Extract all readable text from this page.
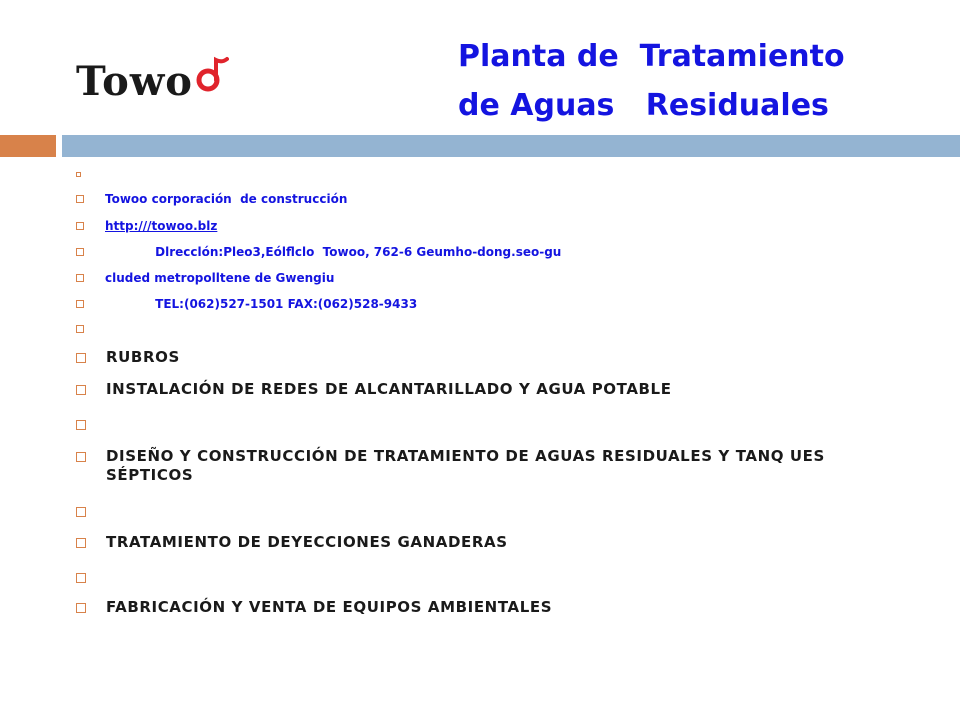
Towo
Planta de  Tratamiento
de Aguas   Residuales
Towoo corporación  de construcción
http:///towoo.blz
Dlrecclón:Pleo3,Eólflclo  Towoo, 762-6 Geumho-dong.seo-gu
cluded metropolltene de Gwengiu
TEL:(062)527-1501 FAX:(062)528-9433
RUBROS
INSTALACIÓN DE REDES DE ALCANTARILLADO Y AGUA POTABLE
DISEÑO Y CONSTRUCCIÓN DE TRATAMIENTO DE AGUAS RESIDUALES Y TANQ UES SÉPTICOS
TRATAMIENTO DE DEYECCIONES GANADERAS
FABRICACIÓN Y VENTA DE EQUIPOS AMBIENTALES
